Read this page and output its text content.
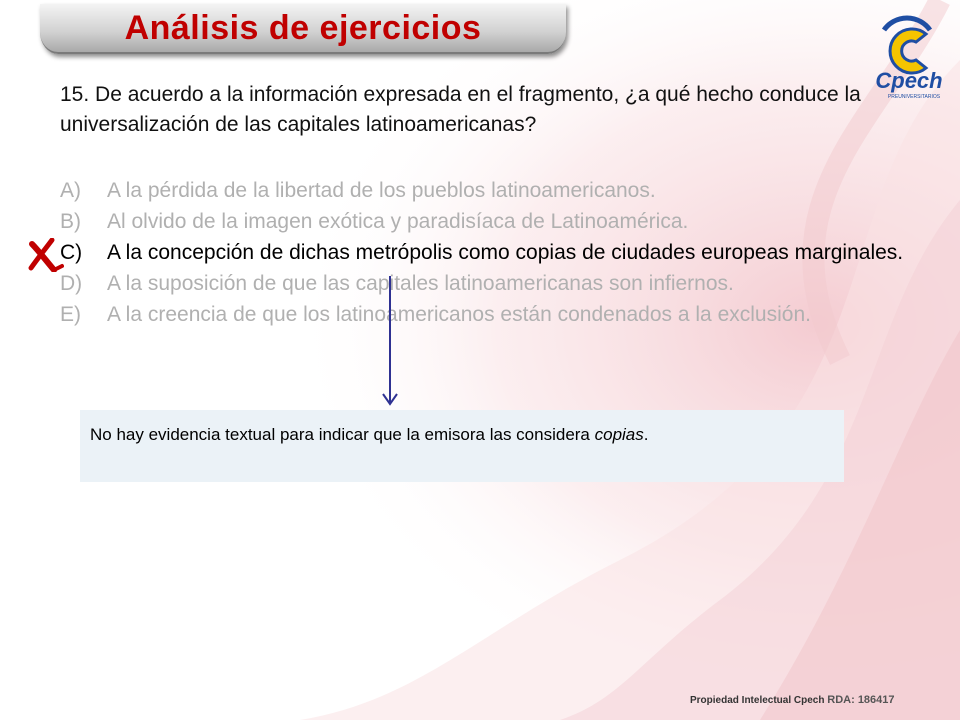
Análisis de ejercicios
Cpech
PREUNIVERSITARIOS
15. De acuerdo a la información expresada en el fragmento, ¿a qué hecho conduce la universalización de las capitales latinoamericanas?
A)	A la pérdida de la libertad de los pueblos latinoamericanos.
B)	Al olvido de la imagen exótica y paradisíaca de Latinoamérica.
C)	A la concepción de dichas metrópolis como copias de ciudades europeas marginales.
D)	A la suposición de que las capitales latinoamericanas son infiernos.
E)	A la creencia de que los latinoamericanos están condenados a la exclusión.
No hay evidencia textual para indicar que la emisora las considera copias.
Propiedad Intelectual Cpech RDA: 186417
